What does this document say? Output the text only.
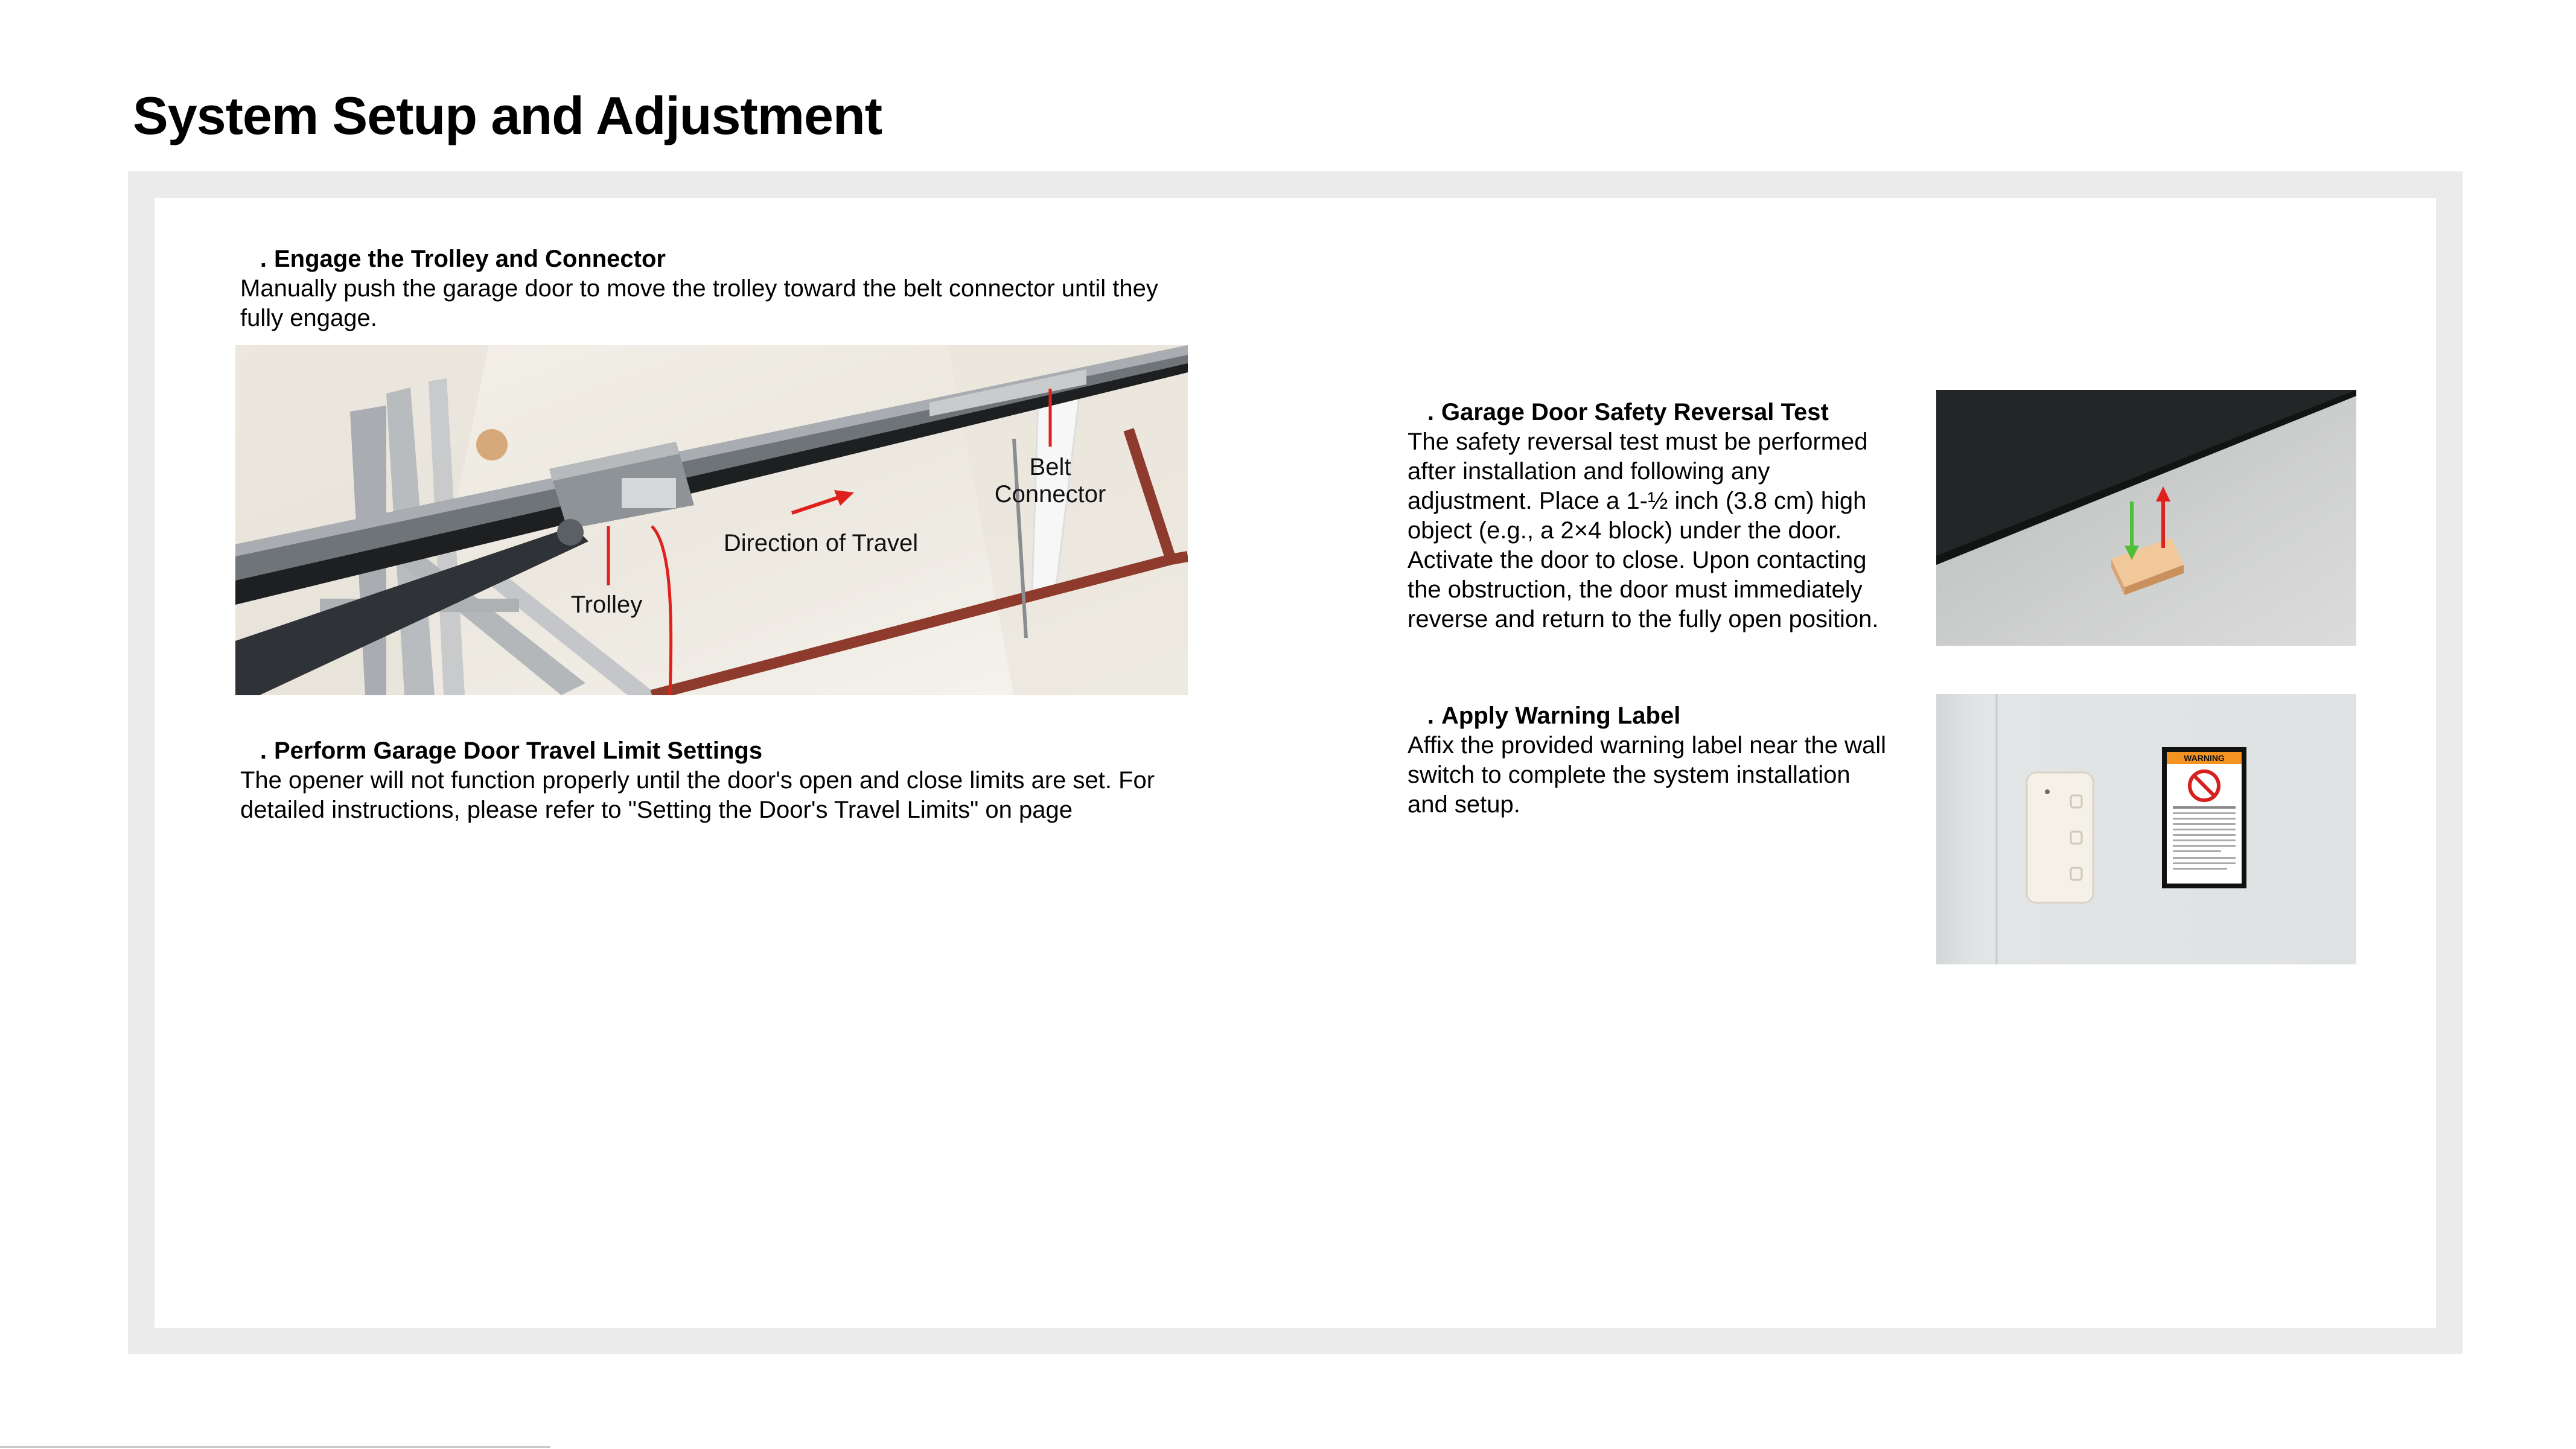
System Setup and Adjustment
. Engage the Trolley and Connector

Manually push the garage door to move the trolley toward the belt connector until they fully engage.

Belt
Connector
Direction of Travel
Trolley
. Perform Garage Door Travel Limit Settings

The opener will not function properly until the door's open and close limits are set. For detailed instructions, please refer to "Setting the Door's Travel Limits" on page

. Garage Door Safety Reversal Test

The safety reversal test must be performed after installation and following any adjustment. Place a 1-½ inch (3.8 cm) high object (e.g., a 2×4 block) under the door. Activate the door to close. Upon contacting the obstruction, the door must immediately reverse and return to the fully open position.

. Apply Warning Label

Affix the provided warning label near the wall switch to complete the system installation and setup.

WARNING
